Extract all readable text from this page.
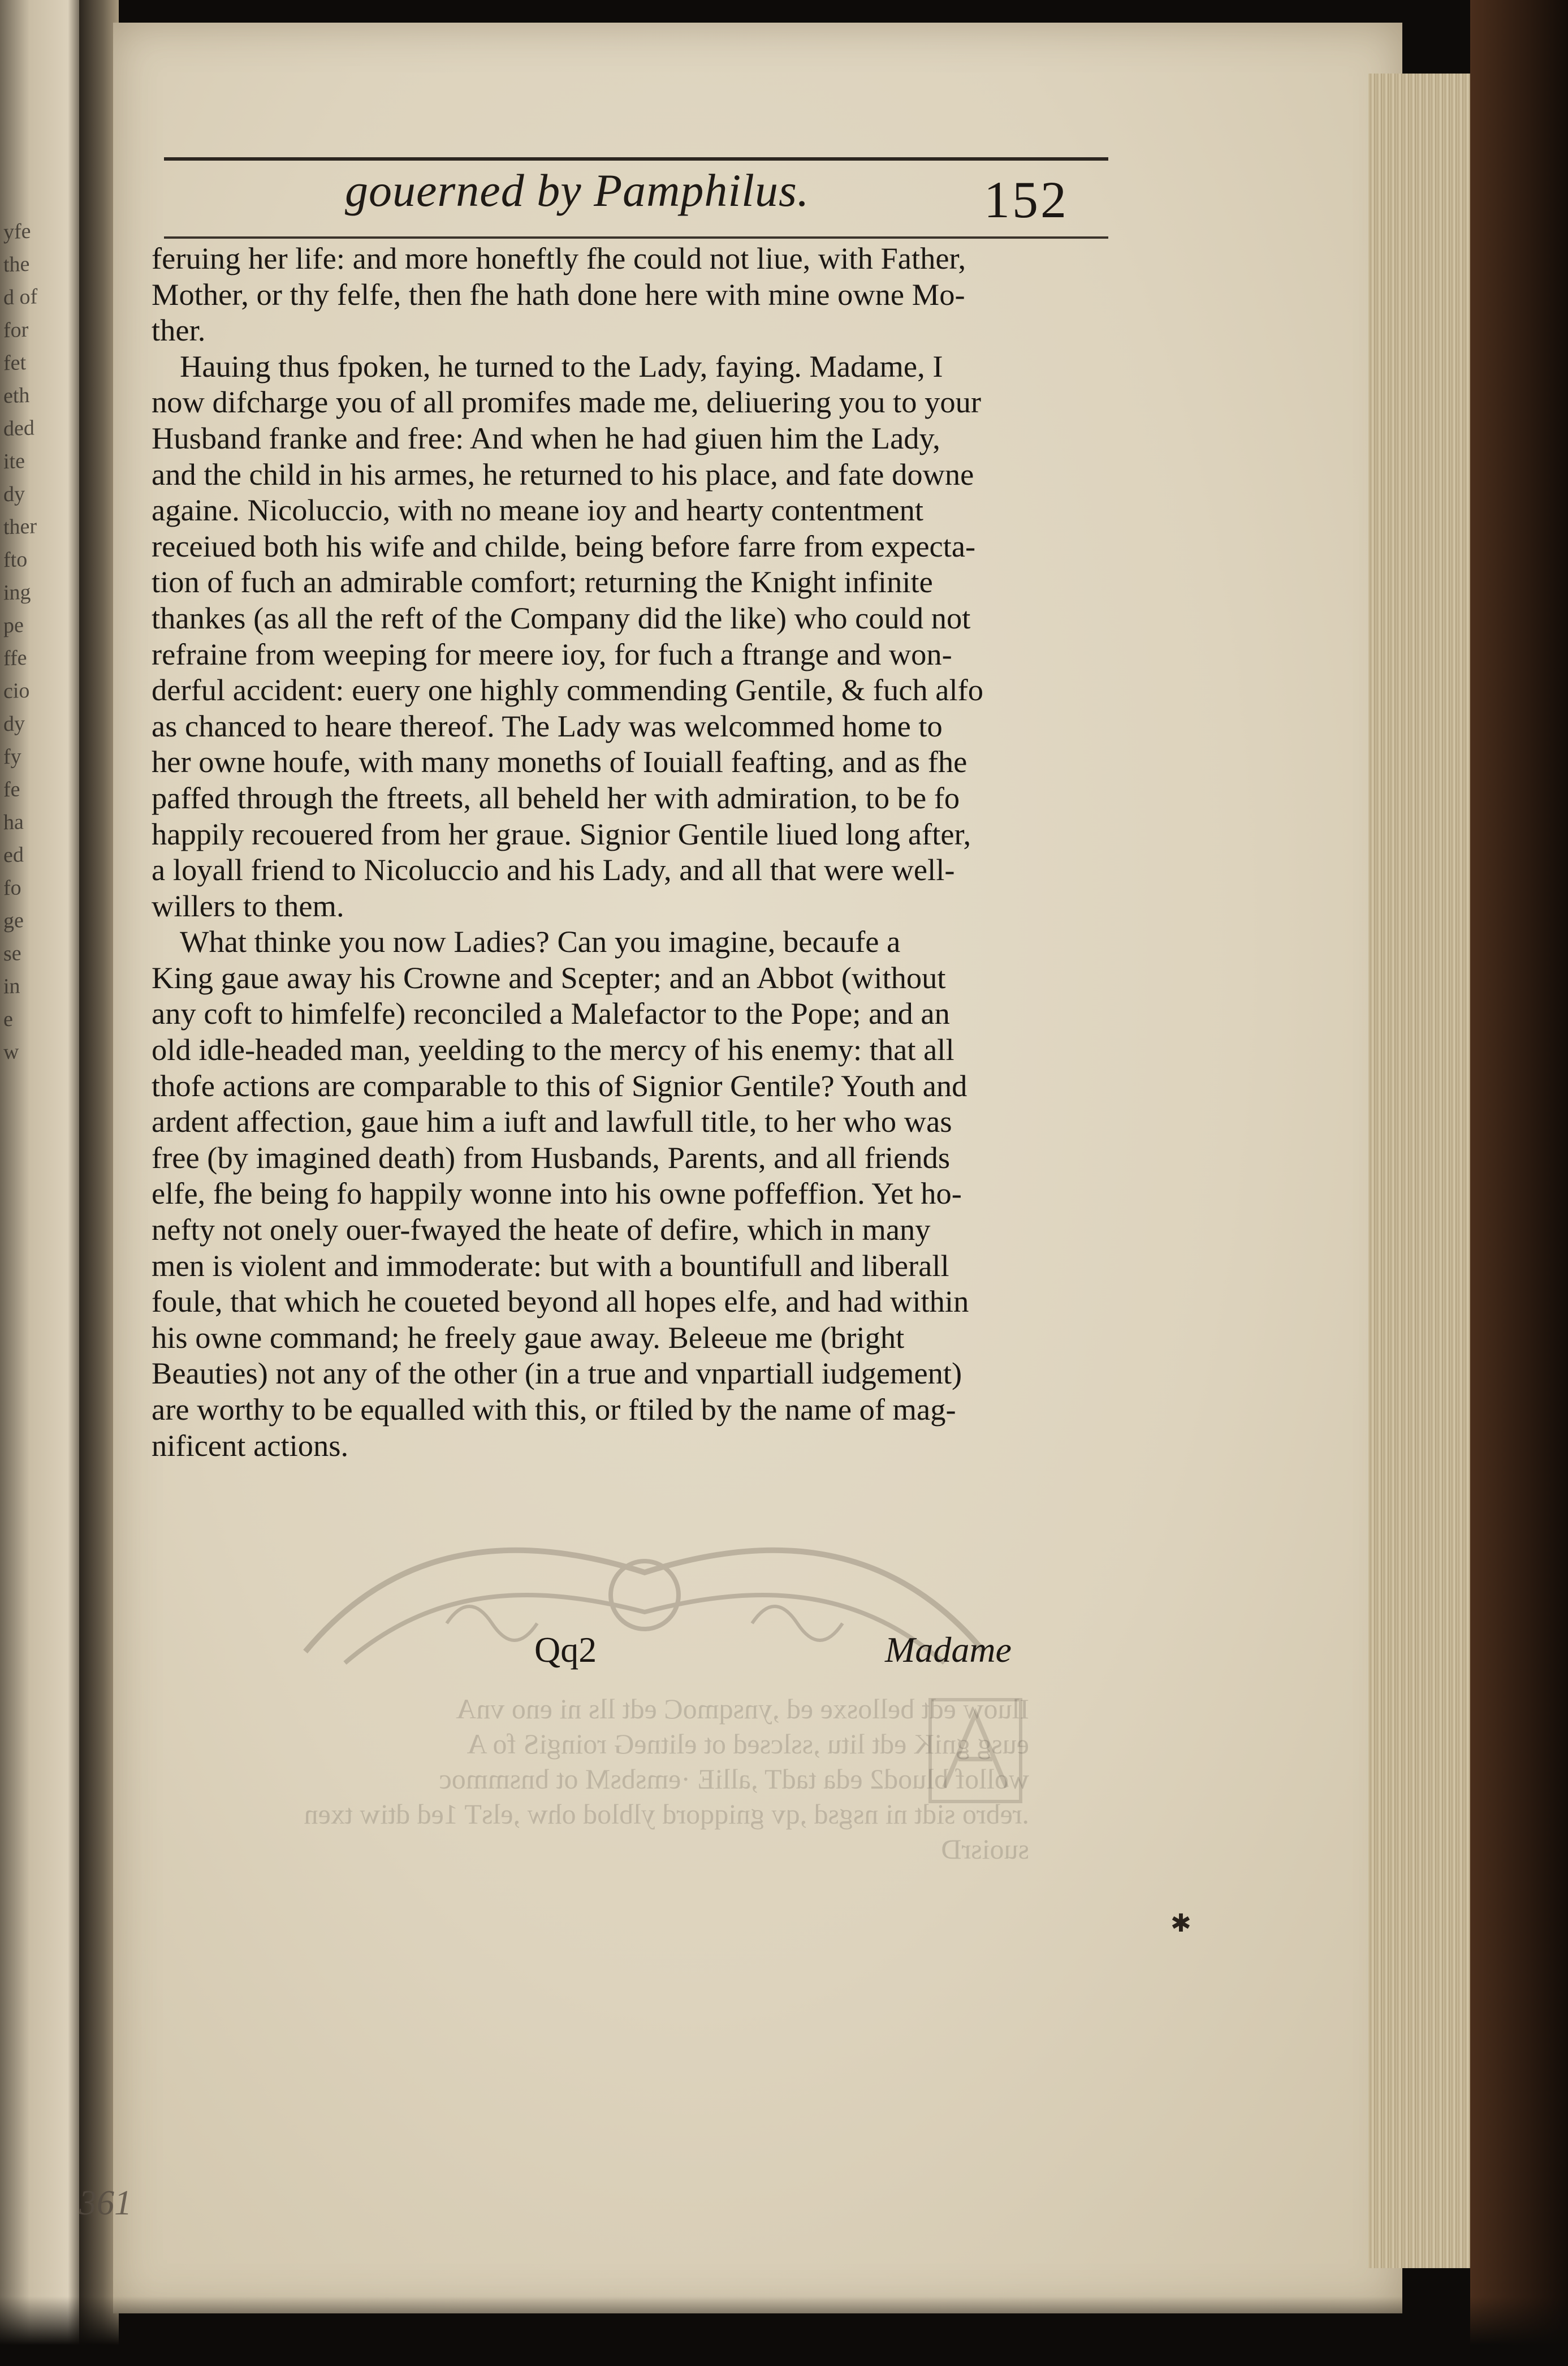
yfe
the
d of
for
fet
eth
ded
ite
dy
ther
fto
ing
pe
ffe
cio
dy
fy
fe
ha
ed
fo
ge
se
in
e
w
gouerned by Pamphilus.	152
feruing her life: and more honeftly fhe could not liue, with Father,
Mother, or thy felfe, then fhe hath done here with mine owne Mo-
ther.
Hauing thus fpoken, he turned to the Lady, faying. Madame, I
now difcharge you of all promifes made me, deliuering you to your
Husband franke and free: And when he had giuen him the Lady,
and the child in his armes, he returned to his place, and fate downe
againe. Nicoluccio, with no meane ioy and hearty contentment
receiued both his wife and childe, being before farre from expecta-
tion of fuch an admirable comfort; returning the Knight infinite
thankes (as all the reft of the Company did the like) who could not
refraine from weeping for meere ioy, for fuch a ftrange and won-
derful accident: euery one highly commending Gentile, & fuch alfo
as chanced to heare thereof. The Lady was welcommed home to
her owne houfe, with many moneths of Iouiall feafting, and as fhe
paffed through the ftreets, all beheld her with admiration, to be fo
happily recouered from her graue. Signior Gentile liued long after,
a loyall friend to Nicoluccio and his Lady, and all that were well-
willers to them.
What thinke you now Ladies? Can you imagine, becaufe a
King gaue away his Crowne and Scepter; and an Abbot (without
any coft to himfelfe) reconciled a Malefactor to the Pope; and an
old idle-headed man, yeelding to the mercy of his enemy: that all
thofe actions are comparable to this of Signior Gentile? Youth and
ardent affection, gaue him a iuft and lawfull title, to her who was
free (by imagined death) from Husbands, Parents, and all friends
elfe, fhe being fo happily wonne into his owne poffeffion. Yet ho-
nefty not onely ouer-fwayed the heate of defire, which in many
men is violent and immoderate: but with a bountifull and liberall
foule, that which he coueted beyond all hopes elfe, and had within
his owne command; he freely gaue away. Beleeue me (bright
Beauties) not any of the other (in a true and vnpartiall iudgement)
are worthy to be equalled with this, or ftiled by the name of mag-
nificent actions.
Iluow edt bellosxe ed ,ynsqmoC edt lls ni eno vnA
eusg gniK edt litu ,sslcsed ot elitneG roingiS fo A
wollof bluod2 eda tadT ,alliE ·emsbsM ot bnsmmoc
.rebro sidt ni nsgsd ,qv gniqqord ylblod ohw ,elsT 1ed dtiw txen
suoisrD
Qq2	Madame
✱
361
